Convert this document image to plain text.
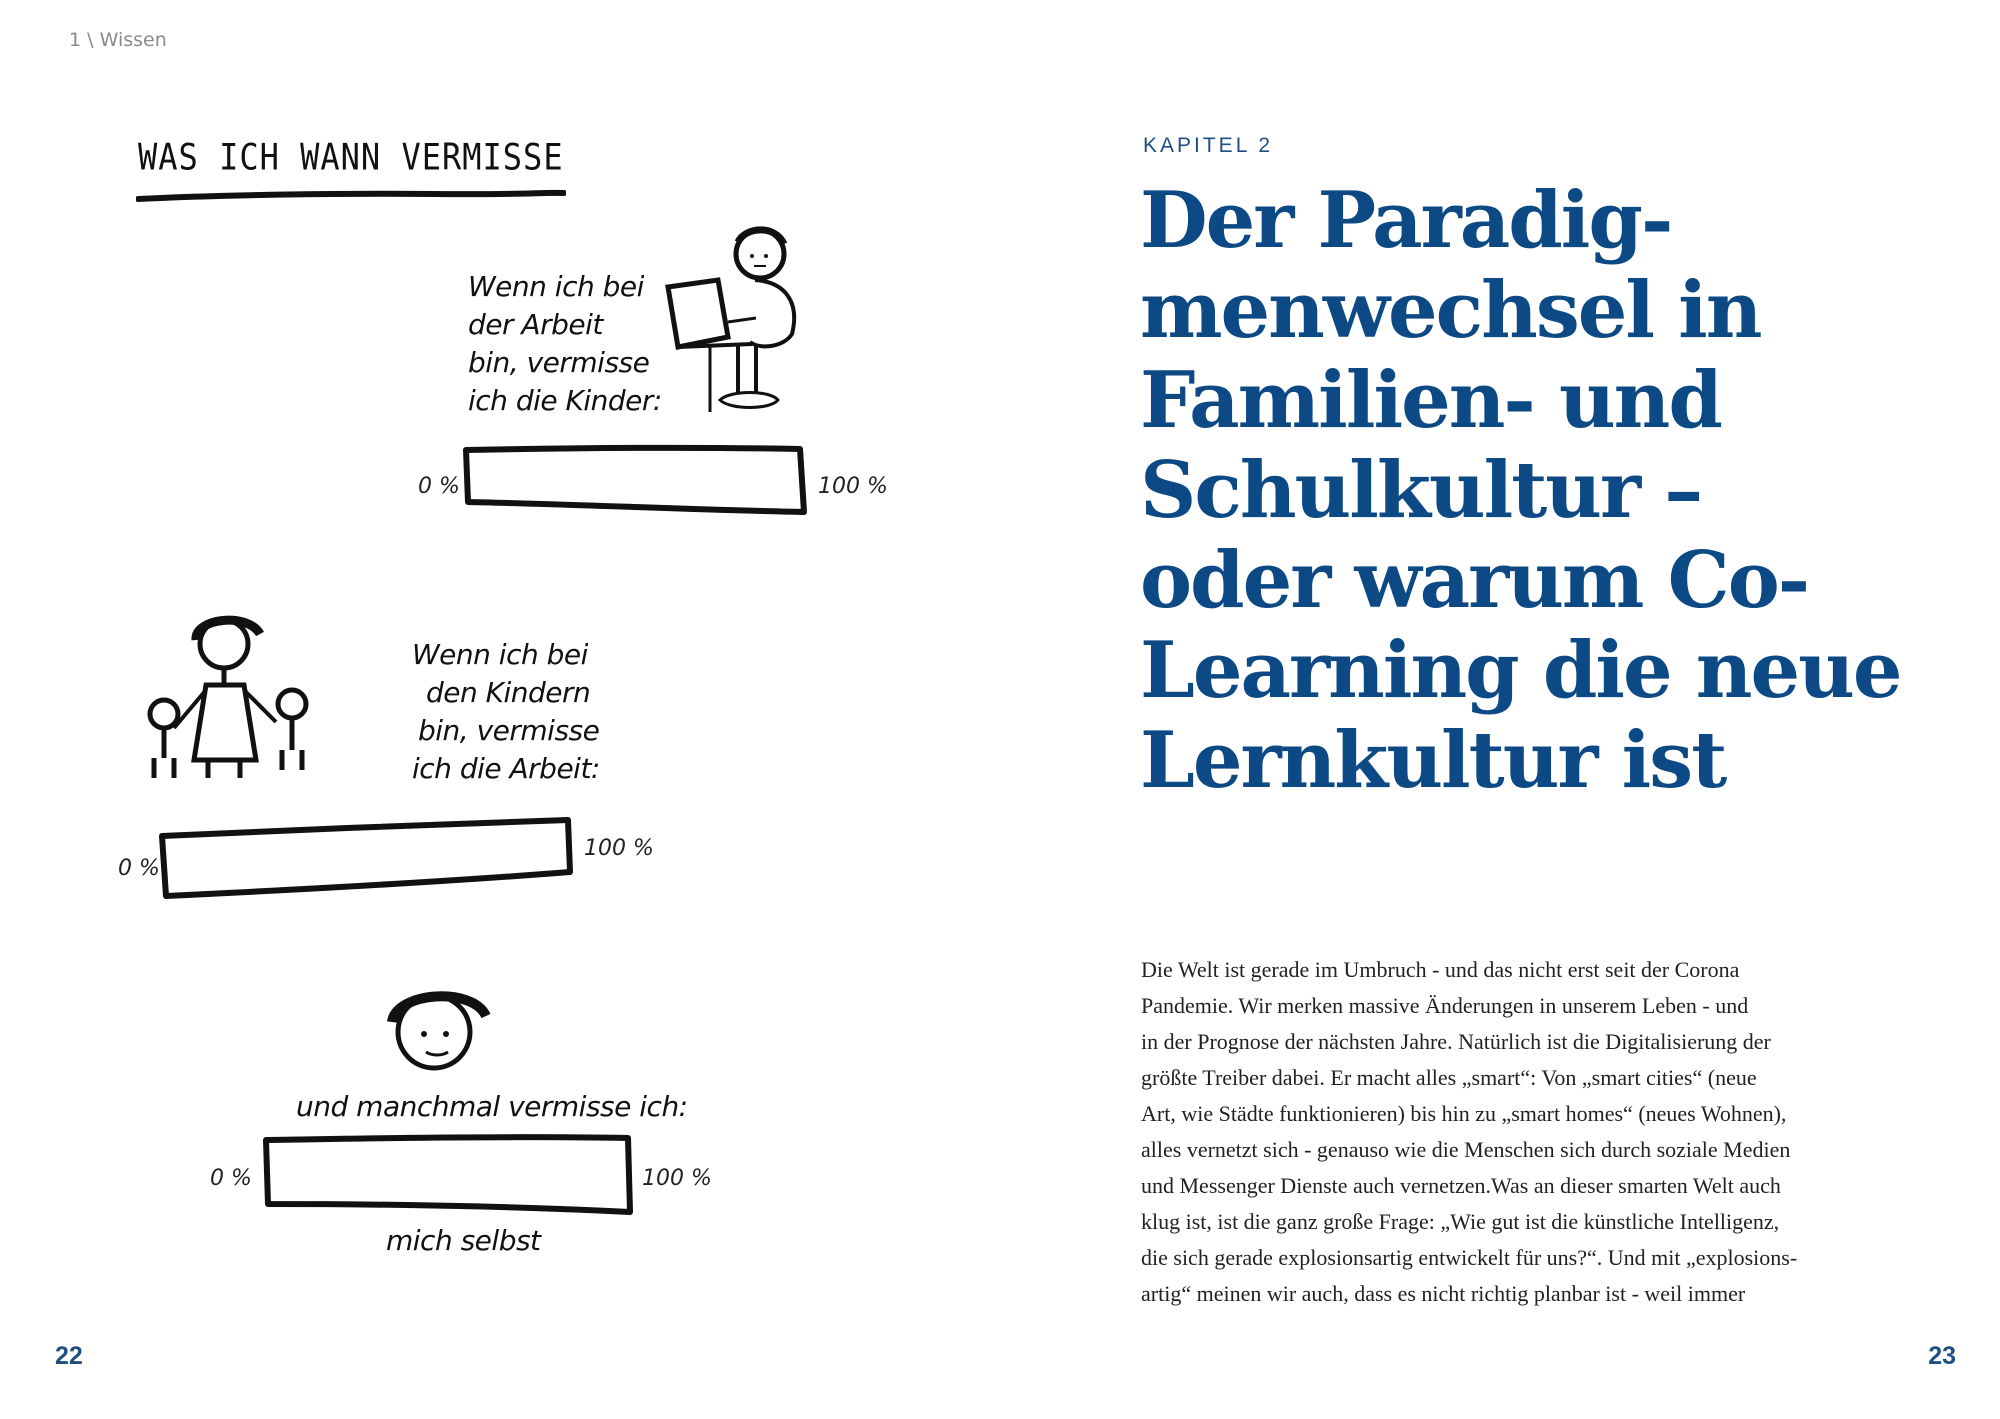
1 \ Wissen
WAS ICH WANN VERMISSE
Wenn ich bei
der Arbeit
bin, vermisse
ich die Kinder:
0 %	100 %
Wenn ich bei
den Kindern
bin, vermisse
ich die Arbeit:
0 %
100 %
und manchmal vermisse ich:
0 %	100 %
mich selbst
22
KAPITEL 2
Der Paradig-
menwechsel in
Familien- und
Schulkultur –
oder warum Co-
Learning die neue
Lernkultur ist

Die Welt ist gerade im Umbruch - und das nicht erst seit der Corona
Pandemie. Wir merken massive Änderungen in unserem Leben - und
in der Prognose der nächsten Jahre. Natürlich ist die Digitalisierung der
größte Treiber dabei. Er macht alles „smart“: Von „smart cities“ (neue
Art, wie Städte funktionieren) bis hin zu „smart homes“ (neues Wohnen),
alles vernetzt sich - genauso wie die Menschen sich durch soziale Medien
und Messenger Dienste auch vernetzen.Was an dieser smarten Welt auch
klug ist, ist die ganz große Frage: „Wie gut ist die künstliche Intelligenz,
die sich gerade explosionsartig entwickelt für uns?“. Und mit „explosions-
artig“ meinen wir auch, dass es nicht richtig planbar ist - weil immer

23
